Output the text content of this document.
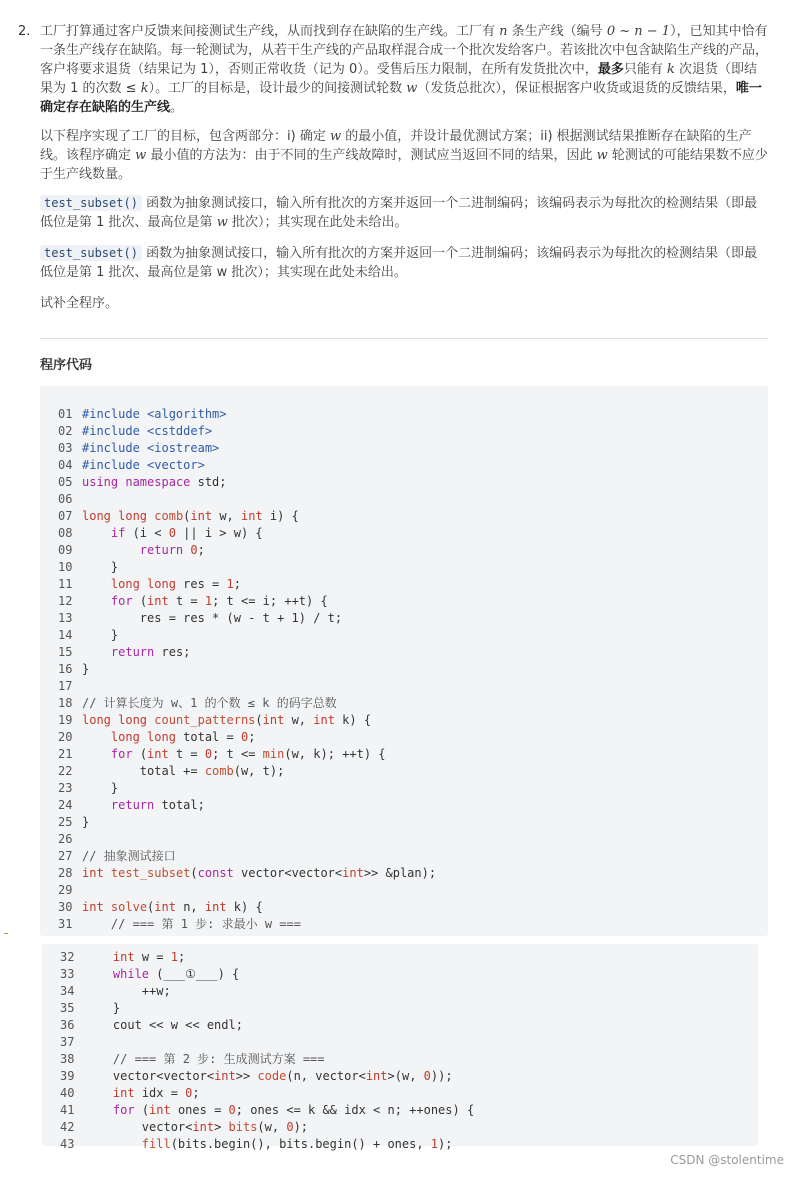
2. 工厂打算通过客户反馈来间接测试生产线，从而找到存在缺陷的生产线。工厂有 n 条生产线（编号 0 ~ n − 1），已知其中恰有一条生产线存在缺陷。每一轮测试为，从若干生产线的产品取样混合成一个批次发给客户。若该批次中包含缺陷生产线的产品，客户将要求退货（结果记为 1），否则正常收货（记为 0）。受售后压力限制，在所有发货批次中，最多只能有 k 次退货（即结果为 1 的次数 ≤ k）。工厂的目标是，设计最少的间接测试轮数 w（发货总批次），保证根据客户收货或退货的反馈结果，唯一确定存在缺陷的生产线。
以下程序实现了工厂的目标，包含两部分：i) 确定 w 的最小值，并设计最优测试方案；ii) 根据测试结果推断存在缺陷的生产线。该程序确定 w 最小值的方法为：由于不同的生产线故障时，测试应当返回不同的结果，因此 w 轮测试的可能结果数不应少于生产线数量。
test_subset() 函数为抽象测试接口，输入所有批次的方案并返回一个二进制编码；该编码表示为每批次的检测结果（即最低位是第 1 批次、最高位是第 w 批次）；其实现在此处未给出。
test_subset() 函数为抽象测试接口，输入所有批次的方案并返回一个二进制编码；该编码表示为每批次的检测结果（即最低位是第 1 批次、最高位是第 w 批次）；其实现在此处未给出。
试补全程序。
程序代码
01 #include <algorithm>
02 #include <cstddef>
03 #include <iostream>
04 #include <vector>
05 using namespace std;
06
07 long long comb(int w, int i) {
08	if (i < 0 || i > w) {
09	return 0;
10	}
11	long long res = 1;
12	for (int t = 1; t <= i; ++t) {
13	res = res * (w - t + 1) / t;
14	}
15	return res;
16 }
17
18 // 计算长度为 w、1 的个数 ≤ k 的码字总数
19 long long count_patterns(int w, int k) {
20	long long total = 0;
21	for (int t = 0; t <= min(w, k); ++t) {
22	total += comb(w, t);
23	}
24	return total;
25 }
26
27 // 抽象测试接口
28 int test_subset(const vector<vector<int>> &plan);
29
30 int solve(int n, int k) {
31	// === 第 1 步: 求最小 w ===
32	int w = 1;
33	while (___①___) {
34	++w;
35	}
36	cout << w << endl;
37
38	// === 第 2 步: 生成测试方案 ===
39	vector<vector<int>> code(n, vector<int>(w, 0));
40	int idx = 0;
41	for (int ones = 0; ones <= k && idx < n; ++ones) {
42	vector<int> bits(w, 0);
43	fill(bits.begin(), bits.begin() + ones, 1);
CSDN @stolentime
